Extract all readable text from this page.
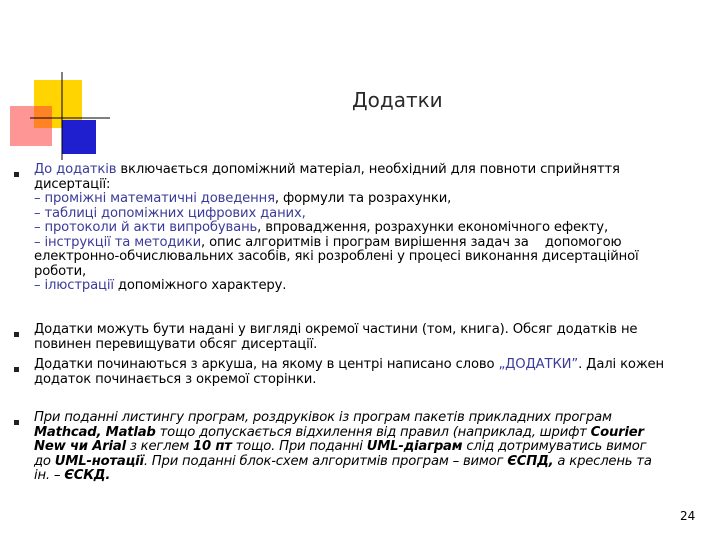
Додатки
До додатків включається допоміжний матеріал, необхідний для повноти сприйняття
дисертації:
– проміжні математичні доведення, формули та розрахунки,
– таблиці допоміжних цифрових даних,
– протоколи й акти випробувань, впровадження, розрахунки економічного ефекту,
– інструкції та методики, опис алгоритмів і програм вирішення задач за    допомогою
електронно-обчислювальних засобів, які розроблені у процесі виконання дисертаційної
роботи,
– ілюстрації допоміжного характеру.
Додатки можуть бути надані у вигляді окремої частини (том, книга). Обсяг додатків не
повинен перевищувати обсяг дисертації.
Додатки починаються з аркуша, на якому в центрі написано слово „ДОДАТКИ”. Далі кожен
додаток починається з окремої сторінки.
При поданні листингу програм, роздруківок із програм пакетів прикладних програм
Mathcad, Matlab тощо допускається відхилення від правил (наприклад, шрифт Courier
New чи Arial з кеглем 10 пт тощо. При поданні UML-діаграм слід дотримуватись вимог
до UML-нотації. При поданні блок-схем алгоритмів програм – вимог ЄСПД, а креслень та
ін. – ЄСКД.
24
